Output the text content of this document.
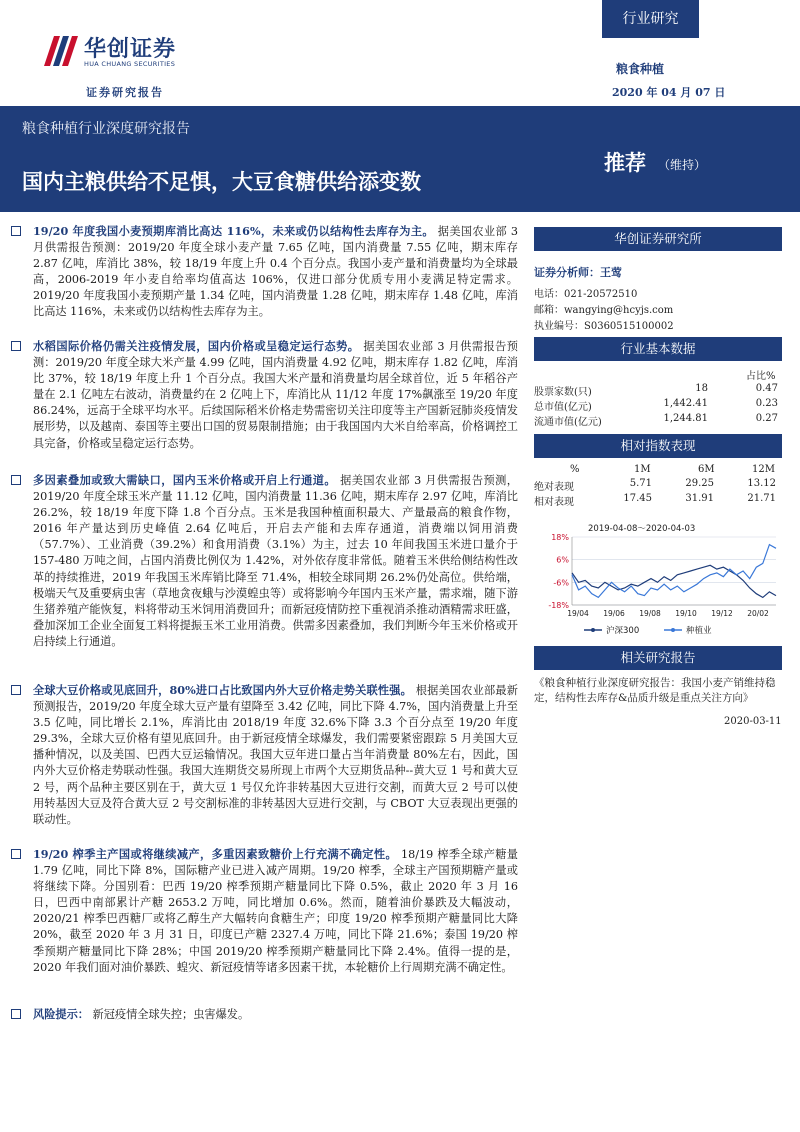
华创证券
HUA CHUANG SECURITIES
证券研究报告
行业研究
粮食种植
2020 年 04 月 07 日
粮食种植行业深度研究报告
国内主粮供给不足惧，大豆食糖供给添变数
推荐 （维持）
19/20 年度我国小麦预期库消比高达 116%，未来或仍以结构性去库存为主。 据美国农业部 3 月供需报告预测：2019/20 年度全球小麦产量 7.65 亿吨，国内消费量 7.55 亿吨，期末库存 2.87 亿吨，库消比 38%，较 18/19 年度上升 0.4 个百分点。我国小麦产量和消费量均为全球最高，2006-2019 年小麦自给率均值高达 106%，仅进口部分优质专用小麦满足特定需求。2019/20 年度我国小麦预期产量 1.34 亿吨，国内消费量 1.28 亿吨，期末库存 1.48 亿吨，库消比高达 116%，未来或仍以结构性去库存为主。
水稻国际价格仍需关注疫情发展，国内价格或呈稳定运行态势。 据美国农业部 3 月供需报告预测：2019/20 年度全球大米产量 4.99 亿吨，国内消费量 4.92 亿吨，期末库存 1.82 亿吨，库消比 37%，较 18/19 年度上升 1 个百分点。我国大米产量和消费量均居全球首位，近 5 年稻谷产量在 2.1 亿吨左右波动，消费量约在 2 亿吨上下，库消比从 11/12 年度 17%飙涨至 19/20 年度 86.24%，远高于全球平均水平。后续国际稻米价格走势需密切关注印度等主产国新冠肺炎疫情发展形势，以及越南、泰国等主要出口国的贸易限制措施；由于我国国内大米自给率高，价格调控工具完备，价格或呈稳定运行态势。
多因素叠加或致大需缺口，国内玉米价格或开启上行通道。 据美国农业部 3 月供需报告预测，2019/20 年度全球玉米产量 11.12 亿吨，国内消费量 11.36 亿吨，期末库存 2.97 亿吨，库消比 26.2%，较 18/19 年度下降 1.8 个百分点。玉米是我国种植面积最大、产量最高的粮食作物，2016 年产量达到历史峰值 2.64 亿吨后，开启去产能和去库存通道，消费端以饲用消费（57.7%）、工业消费（39.2%）和食用消费（3.1%）为主，过去 10 年间我国玉米进口量介于 157-480 万吨之间，占国内消费比例仅为 1.42%，对外依存度非常低。随着玉米供给侧结构性改革的持续推进，2019 年我国玉米库销比降至 71.4%，相较全球同期 26.2%仍处高位。供给端，极端天气及重要病虫害（草地贪夜蛾与沙漠蝗虫等）或将影响今年国内玉米产量，需求端，随下游生猪养殖产能恢复，料将带动玉米饲用消费回升；而新冠疫情防控下重视消杀推动酒精需求旺盛，叠加深加工企业全面复工料将提振玉米工业用消费。供需多因素叠加，我们判断今年玉米价格或开启持续上行通道。
全球大豆价格或见底回升，80%进口占比致国内外大豆价格走势关联性强。 根据美国农业部最新预测报告，2019/20 年度全球大豆产量有望降至 3.42 亿吨，同比下降 4.7%，国内消费量上升至 3.5 亿吨，同比增长 2.1%，库消比由 2018/19 年度 32.6%下降 3.3 个百分点至 19/20 年度 29.3%，全球大豆价格有望见底回升。由于新冠疫情全球爆发，我们需要紧密跟踪 5 月美国大豆播种情况，以及美国、巴西大豆运输情况。我国大豆年进口量占当年消费量 80%左右，因此，国内外大豆价格走势联动性强。我国大连期货交易所现上市两个大豆期货品种--黄大豆 1 号和黄大豆 2 号，两个品种主要区别在于，黄大豆 1 号仅允许非转基因大豆进行交割，而黄大豆 2 号可以使用转基因大豆及符合黄大豆 2 号交割标准的非转基因大豆进行交割，与 CBOT 大豆表现出更强的联动性。
19/20 榨季主产国或将继续减产，多重因素致糖价上行充满不确定性。 18/19 榨季全球产糖量 1.79 亿吨，同比下降 8%，国际糖产业已进入减产周期。19/20 榨季，全球主产国预期糖产量或将继续下降。分国别看：巴西 19/20 榨季预期产糖量同比下降 0.5%，截止 2020 年 3 月 16 日，巴西中南部累计产糖 2653.2 万吨，同比增加 0.6%。然而，随着油价暴跌及大幅波动，2020/21 榨季巴西糖厂或将乙醇生产大幅转向食糖生产；印度 19/20 榨季预期产糖量同比大降 20%，截至 2020 年 3 月 31 日，印度已产糖 2327.4 万吨，同比下降 21.6%；泰国 19/20 榨季预期产糖量同比下降 28%；中国 2019/20 榨季预期产糖量同比下降 2.4%。值得一提的是，2020 年我们面对油价暴跌、蝗灾、新冠疫情等诸多因素干扰，本轮糖价上行周期充满不确定性。
风险提示： 新冠疫情全球失控；虫害爆发。
华创证券研究所
证券分析师：王莺
电话：021-20572510
邮箱：wangying@hcyjs.com
执业编号：S0360515100002
行业基本数据
占比%
股票家数(只)	18	0.47
总市值(亿元)	1,442.41	0.23
流通市值(亿元)	1,244.81	0.27
相对指数表现
%	1M	6M	12M
绝对表现	5.71	29.25	13.12
相对表现	17.45	31.91	21.71
2019-04-08～2020-04-03
18%
6%
-6%
-18%
19/04 19/06 19/08 19/10 19/12 20/02
沪深300	种植业
相关研究报告
《粮食种植行业深度研究报告：我国小麦产销维持稳定，结构性去库存&品质升级是重点关注方向》
2020-03-11
